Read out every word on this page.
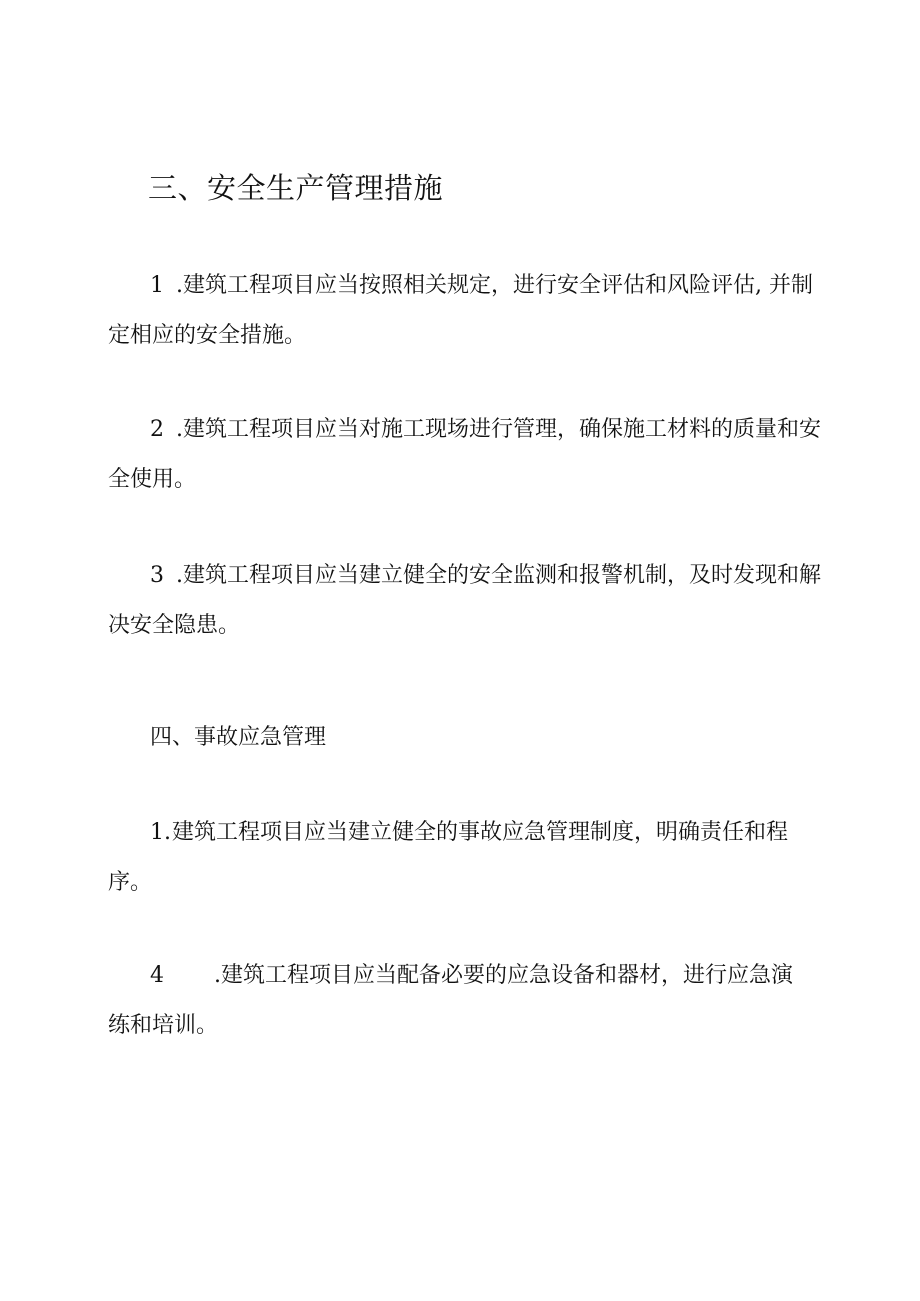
三、安全生产管理措施

1 .建筑工程项目应当按照相关规定，进行安全评估和风险评估, 并制
定相应的安全措施。

2 .建筑工程项目应当对施工现场进行管理，确保施工材料的质量和安
全使用。

3 .建筑工程项目应当建立健全的安全监测和报警机制，及时发现和解
决安全隐患。

四、事故应急管理

1.建筑工程项目应当建立健全的事故应急管理制度，明确责任和程
序。

4 .建筑工程项目应当配备必要的应急设备和器材，进行应急演
练和培训。
